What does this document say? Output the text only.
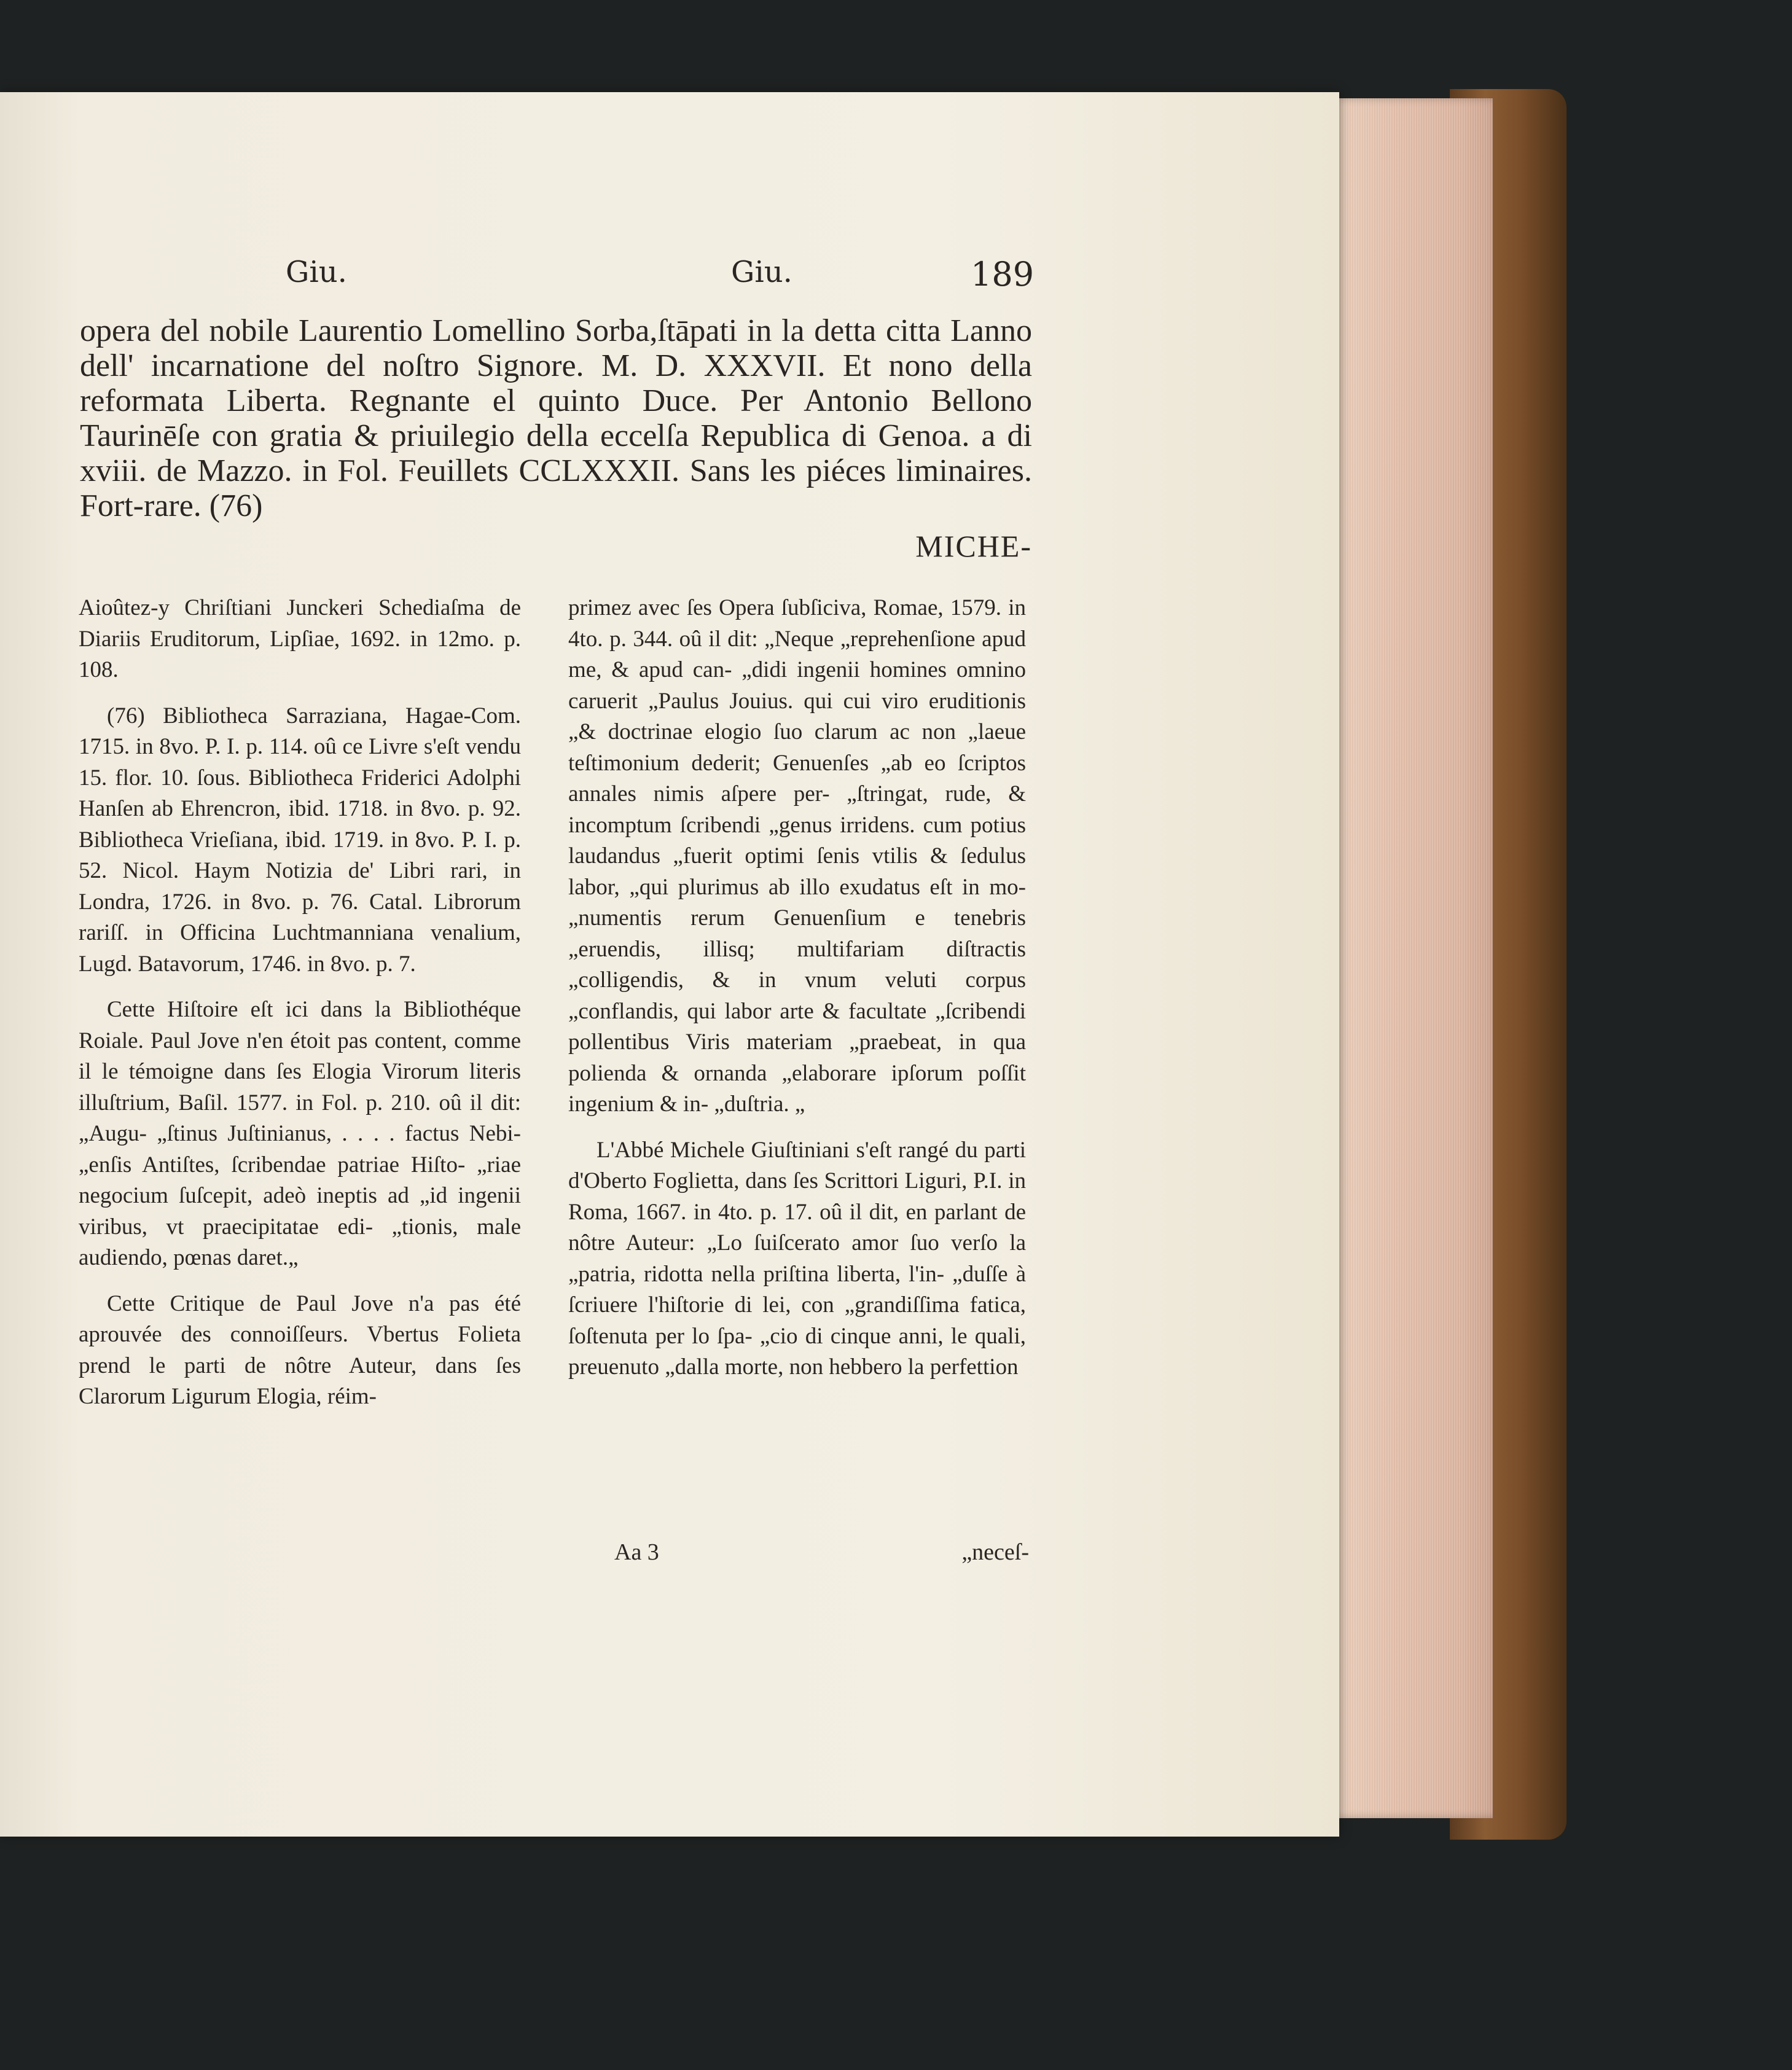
Giu.	Giu.	189

opera del nobile Laurentio Lomellino Sorba,ſtāpati in la detta citta Lanno dell' incarnatione del noſtro Signore. M. D. XXXVII. Et nono della reformata Liberta. Regnante el quinto Duce. Per Antonio Bellono Taurinēſe con gratia & priuilegio della eccelſa Republica di Genoa. a di xviii. de Mazzo. in Fol. Feuillets CCLXXXII. Sans les piéces liminaires. Fort-rare. (76)

MICHE-

Aioûtez-y Chriſtiani Junckeri Schediaſma de Diariis Eruditorum, Lipſiae, 1692. in 12mo. p. 108.

(76) Bibliotheca Sarraziana, Hagae-Com. 1715. in 8vo. P. I. p. 114. oû ce Livre s'eſt vendu 15. flor. 10. ſous. Bibliotheca Friderici Adolphi Hanſen ab Ehrencron, ibid. 1718. in 8vo. p. 92. Bibliotheca Vrieſiana, ibid. 1719. in 8vo. P. I. p. 52. Nicol. Haym Notizia de' Libri rari, in Londra, 1726. in 8vo. p. 76. Catal. Librorum rariſſ. in Officina Luchtmanniana venalium, Lugd. Batavorum, 1746. in 8vo. p. 7.

Cette Hiſtoire eſt ici dans la Bibliothéque Roiale. Paul Jove n'en étoit pas content, comme il le témoigne dans ſes Elogia Virorum literis illuſtrium, Baſil. 1577. in Fol. p. 210. oû il dit: „Augu- „ſtinus Juſtinianus, . . . . factus Nebi- „enſis Antiſtes, ſcribendae patriae Hiſto- „riae negocium ſuſcepit, adeò ineptis ad „id ingenii viribus, vt praecipitatae edi- „tionis, male audiendo, pœnas daret.„

Cette Critique de Paul Jove n'a pas été aprouvée des connoiſſeurs. Vbertus Folieta prend le parti de nôtre Auteur, dans ſes Clarorum Ligurum Elogia, réim-

primez avec ſes Opera ſubſiciva, Romae, 1579. in 4to. p. 344. oû il dit: „Neque „reprehenſione apud me, & apud can- „didi ingenii homines omnino caruerit „Paulus Jouius. qui cui viro eruditionis „& doctrinae elogio ſuo clarum ac non „laeue teſtimonium dederit; Genuenſes „ab eo ſcriptos annales nimis aſpere per- „ſtringat, rude, & incomptum ſcribendi „genus irridens. cum potius laudandus „fuerit optimi ſenis vtilis & ſedulus labor, „qui plurimus ab illo exudatus eſt in mo- „numentis rerum Genuenſium e tenebris „eruendis, illisq; multifariam diſtractis „colligendis, & in vnum veluti corpus „conflandis, qui labor arte & facultate „ſcribendi pollentibus Viris materiam „praebeat, in qua polienda & ornanda „elaborare ipſorum poſſit ingenium & in- „duſtria. „

L'Abbé Michele Giuſtiniani s'eſt rangé du parti d'Oberto Foglietta, dans ſes Scrittori Liguri, P.I. in Roma, 1667. in 4to. p. 17. oû il dit, en parlant de nôtre Auteur: „Lo ſuiſcerato amor ſuo verſo la „patria, ridotta nella priſtina liberta, l'in- „duſſe à ſcriuere l'hiſtorie di lei, con „grandiſſima fatica, ſoſtenuta per lo ſpa- „cio di cinque anni, le quali, preuenuto „dalla morte, non hebbero la perfettion

Aa 3	„neceſ-
